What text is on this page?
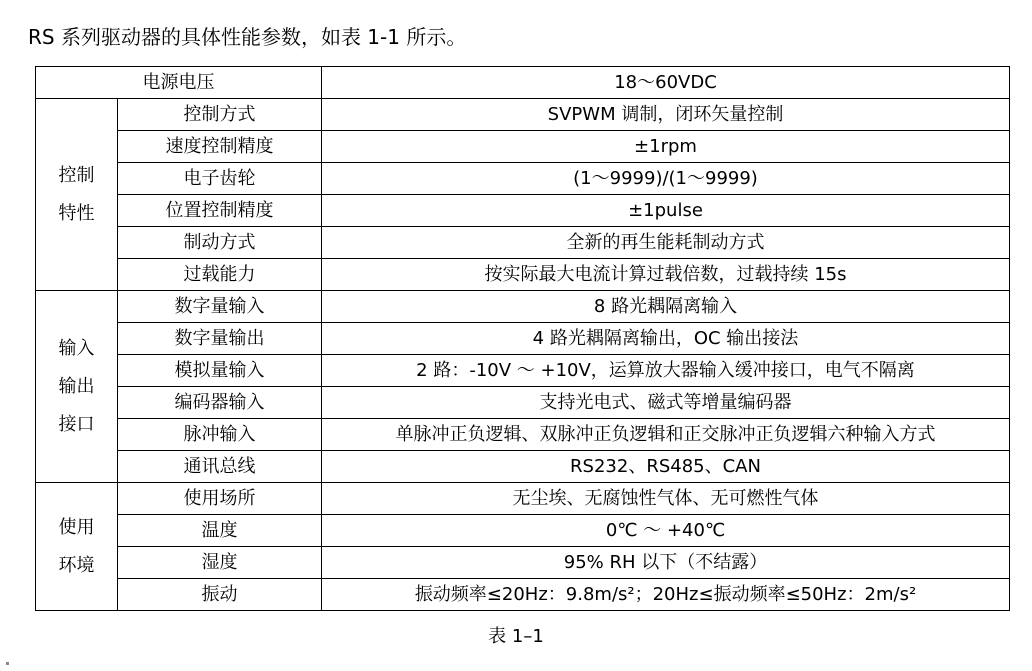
RS 系列驱动器的具体性能参数，如表 1-1 所示。
电源电压		18～60VDC

控制
特性	控制方式	SVPWM 调制，闭环矢量控制
	速度控制精度	±1rpm
	电子齿轮	(1～9999)/(1～9999)
	位置控制精度	±1pulse
	制动方式	全新的再生能耗制动方式
	过载能力	按实际最大电流计算过载倍数，过载持续 15s

输入
输出
接口	数字量输入	8 路光耦隔离输入
	数字量输出	4 路光耦隔离输出，OC 输出接法
	模拟量输入	2 路：-10V ～ +10V，运算放大器输入缓冲接口，电气不隔离
	编码器输入	支持光电式、磁式等增量编码器
	脉冲输入	单脉冲正负逻辑、双脉冲正负逻辑和正交脉冲正负逻辑六种输入方式
	通讯总线	RS232、RS485、CAN

使用
环境	使用场所	无尘埃、无腐蚀性气体、无可燃性气体
	温度	0℃ ～ +40℃
	湿度	95% RH 以下（不结露）
	振动	振动频率≤20Hz：9.8m/s²；20Hz≤振动频率≤50Hz：2m/s²
表 1–1
